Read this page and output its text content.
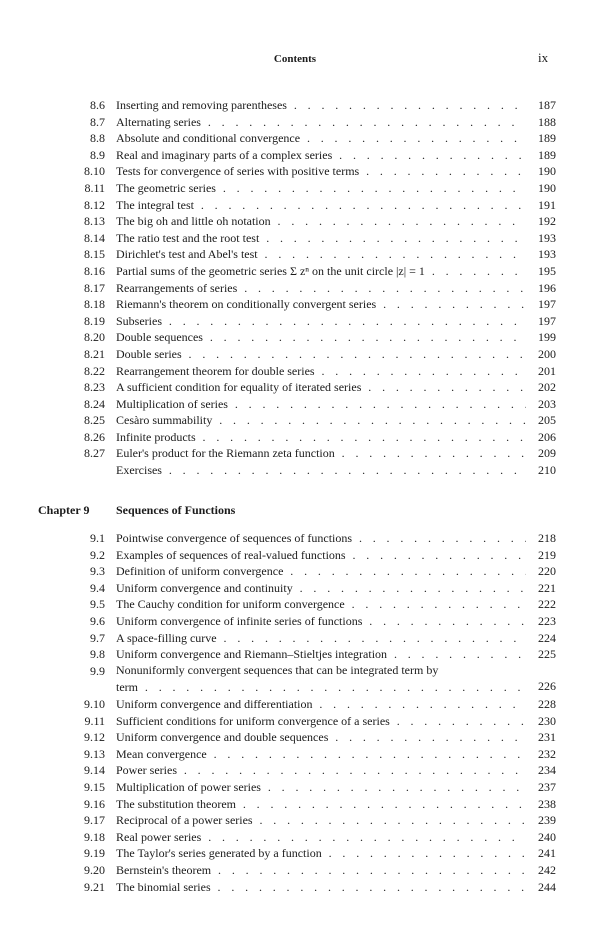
Contents	ix
8.6 Inserting and removing parentheses . . .	187
8.7 Alternating series . . .	188
8.8 Absolute and conditional convergence . . .	189
8.9 Real and imaginary parts of a complex series . . .	189
8.10 Tests for convergence of series with positive terms . . .	190
8.11 The geometric series . . .	190
8.12 The integral test . . .	191
8.13 The big oh and little oh notation . . .	192
8.14 The ratio test and the root test . . .	193
8.15 Dirichlet's test and Abel's test . . .	193
8.16 Partial sums of the geometric series Σ zⁿ on the unit circle |z| = 1 . . .	195
8.17 Rearrangements of series . . .	196
8.18 Riemann's theorem on conditionally convergent series . . .	197
8.19 Subseries . . .	197
8.20 Double sequences . . .	199
8.21 Double series . . .	200
8.22 Rearrangement theorem for double series . . .	201
8.23 A sufficient condition for equality of iterated series . . .	202
8.24 Multiplication of series . . .	203
8.25 Cesàro summability . . .	205
8.26 Infinite products . . .	206
8.27 Euler's product for the Riemann zeta function . . .	209
Exercises . . .	210
Chapter 9 Sequences of Functions
9.1 Pointwise convergence of sequences of functions . . .	218
9.2 Examples of sequences of real-valued functions . . .	219
9.3 Definition of uniform convergence . . .	220
9.4 Uniform convergence and continuity . . .	221
9.5 The Cauchy condition for uniform convergence . . .	222
9.6 Uniform convergence of infinite series of functions . . .	223
9.7 A space-filling curve . . .	224
9.8 Uniform convergence and Riemann–Stieltjes integration . . .	225
9.9 Nonuniformly convergent sequences that can be integrated term by
term . . .	226
9.10 Uniform convergence and differentiation . . .	228
9.11 Sufficient conditions for uniform convergence of a series . . .	230
9.12 Uniform convergence and double sequences . . .	231
9.13 Mean convergence . . .	232
9.14 Power series . . .	234
9.15 Multiplication of power series . . .	237
9.16 The substitution theorem . . .	238
9.17 Reciprocal of a power series . . .	239
9.18 Real power series . . .	240
9.19 The Taylor's series generated by a function . . .	241
9.20 Bernstein's theorem . . .	242
9.21 The binomial series . . .	244
